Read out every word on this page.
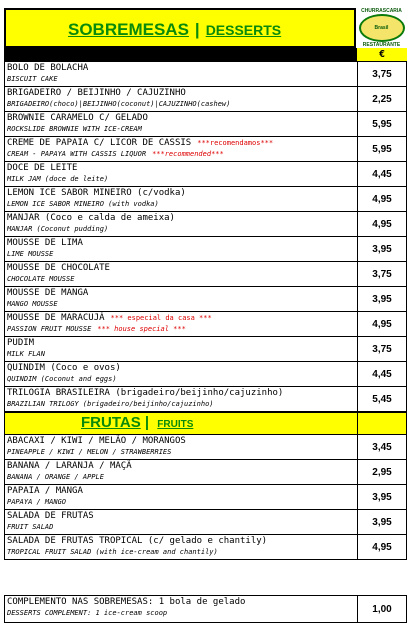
SOBREMESAS | DESSERTS
CHURRASCARIA
Brasil
RESTAURANTE
€
BOLO DE BOLACHA
BISCUIT CAKE	3,75

BRIGADEIRO / BEIJINHO / CAJUZINHO
BRIGADEIRO(choco)|BEIJINHO(coconut)|CAJUZINHO(cashew)	2,25

BROWNIE CARAMELO C/ GELADO
ROCKSLIDE BROWNIE WITH ICE-CREAM	5,95

CREME DE PAPAIA C/ LICOR DE CASSIS ***recomendamos***
CREAM - PAPAYA WITH CASSIS LIQUOR ***recommended***	5,95

DOCE DE LEITE
MILK JAM (doce de leite)	4,45

LEMON ICE SABOR MINEIRO (c/vodka)
LEMON ICE SABOR MINEIRO (with vodka)	4,95

MANJAR (Coco e calda de ameixa)
MANJAR (Coconut pudding)	4,95

MOUSSE DE LIMA
LIME MOUSSE	3,95

MOUSSE DE CHOCOLATE
CHOCOLATE MOUSSE	3,75

MOUSSE DE MANGA
MANGO MOUSSE	3,95

MOUSSE DE MARACUJÁ *** especial da casa ***
PASSION FRUIT MOUSSE *** house special ***	4,95

PUDIM
MILK FLAN	3,75

QUINDIM (Coco e ovos)
QUINDIM (Coconut and eggs)	4,45

TRILOGIA BRASILEIRA (brigadeiro/beijinho/cajuzinho)
BRAZILIAN TRILOGY (brigadeiro/beijinho/cajuzinho)	5,45
FRUTAS | FRUITS	

ABACAXI / KIWI / MELÃO / MORANGOS
PINEAPPLE / KIWI / MELON / STRAWBERRIES	3,45

BANANA / LARANJA / MAÇÃ
BANANA / ORANGE / APPLE	2,95

PAPAIA / MANGA
PAPAYA / MANGO	3,95

SALADA DE FRUTAS
FRUIT SALAD	3,95

SALADA DE FRUTAS TROPICAL (c/ gelado e chantily)
TROPICAL FRUIT SALAD (with ice-cream and chantily)	4,95
COMPLEMENTO NAS SOBREMESAS: 1 bola de gelado
DESSERTS COMPLEMENT: 1 ice-cream scoop	1,00
